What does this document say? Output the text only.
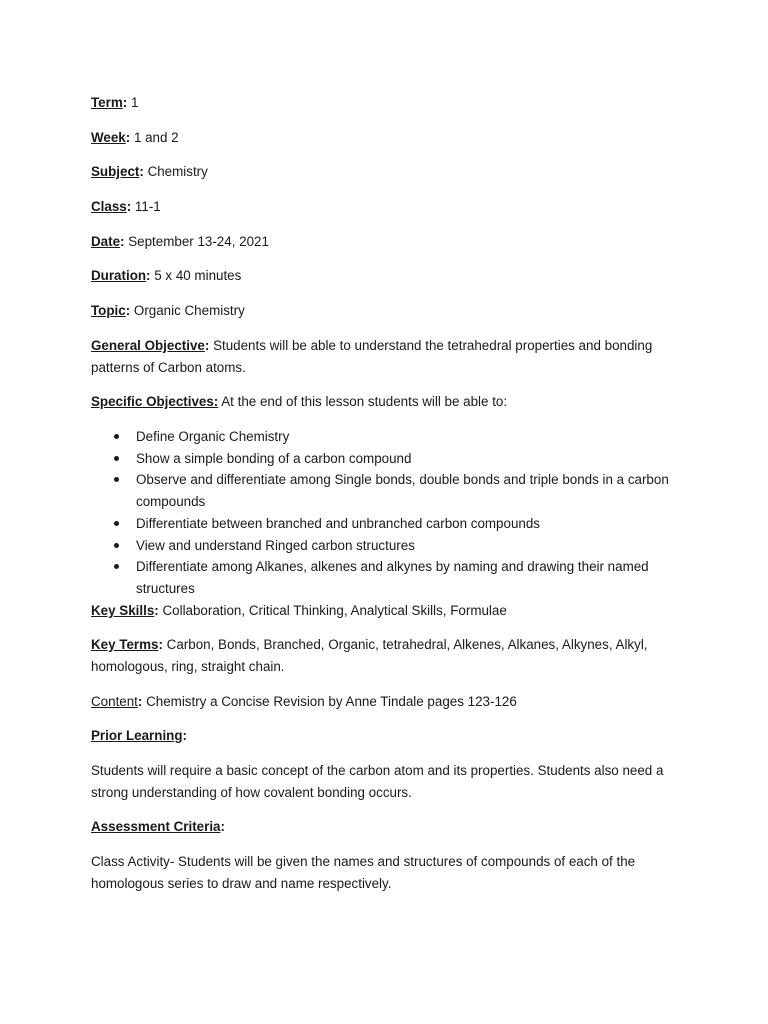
Term: 1
Week: 1 and 2
Subject: Chemistry
Class: 11-1
Date: September 13-24, 2021
Duration: 5 x 40 minutes
Topic: Organic Chemistry
General Objective: Students will be able to understand the tetrahedral properties and bonding patterns of Carbon atoms.
Specific Objectives: At the end of this lesson students will be able to:
Define Organic Chemistry
Show a simple bonding of a carbon compound
Observe and differentiate among Single bonds, double bonds and triple bonds in a carbon compounds
Differentiate between branched and unbranched carbon compounds
View and understand Ringed carbon structures
Differentiate among Alkanes, alkenes and alkynes by naming and drawing their named structures
Key Skills: Collaboration, Critical Thinking, Analytical Skills, Formulae
Key Terms: Carbon, Bonds, Branched, Organic, tetrahedral, Alkenes, Alkanes, Alkynes, Alkyl, homologous, ring, straight chain.
Content: Chemistry a Concise Revision by Anne Tindale pages 123-126
Prior Learning:
Students will require a basic concept of the carbon atom and its properties. Students also need a strong understanding of how covalent bonding occurs.
Assessment Criteria:
Class Activity- Students will be given the names and structures of compounds of each of the homologous series to draw and name respectively.
